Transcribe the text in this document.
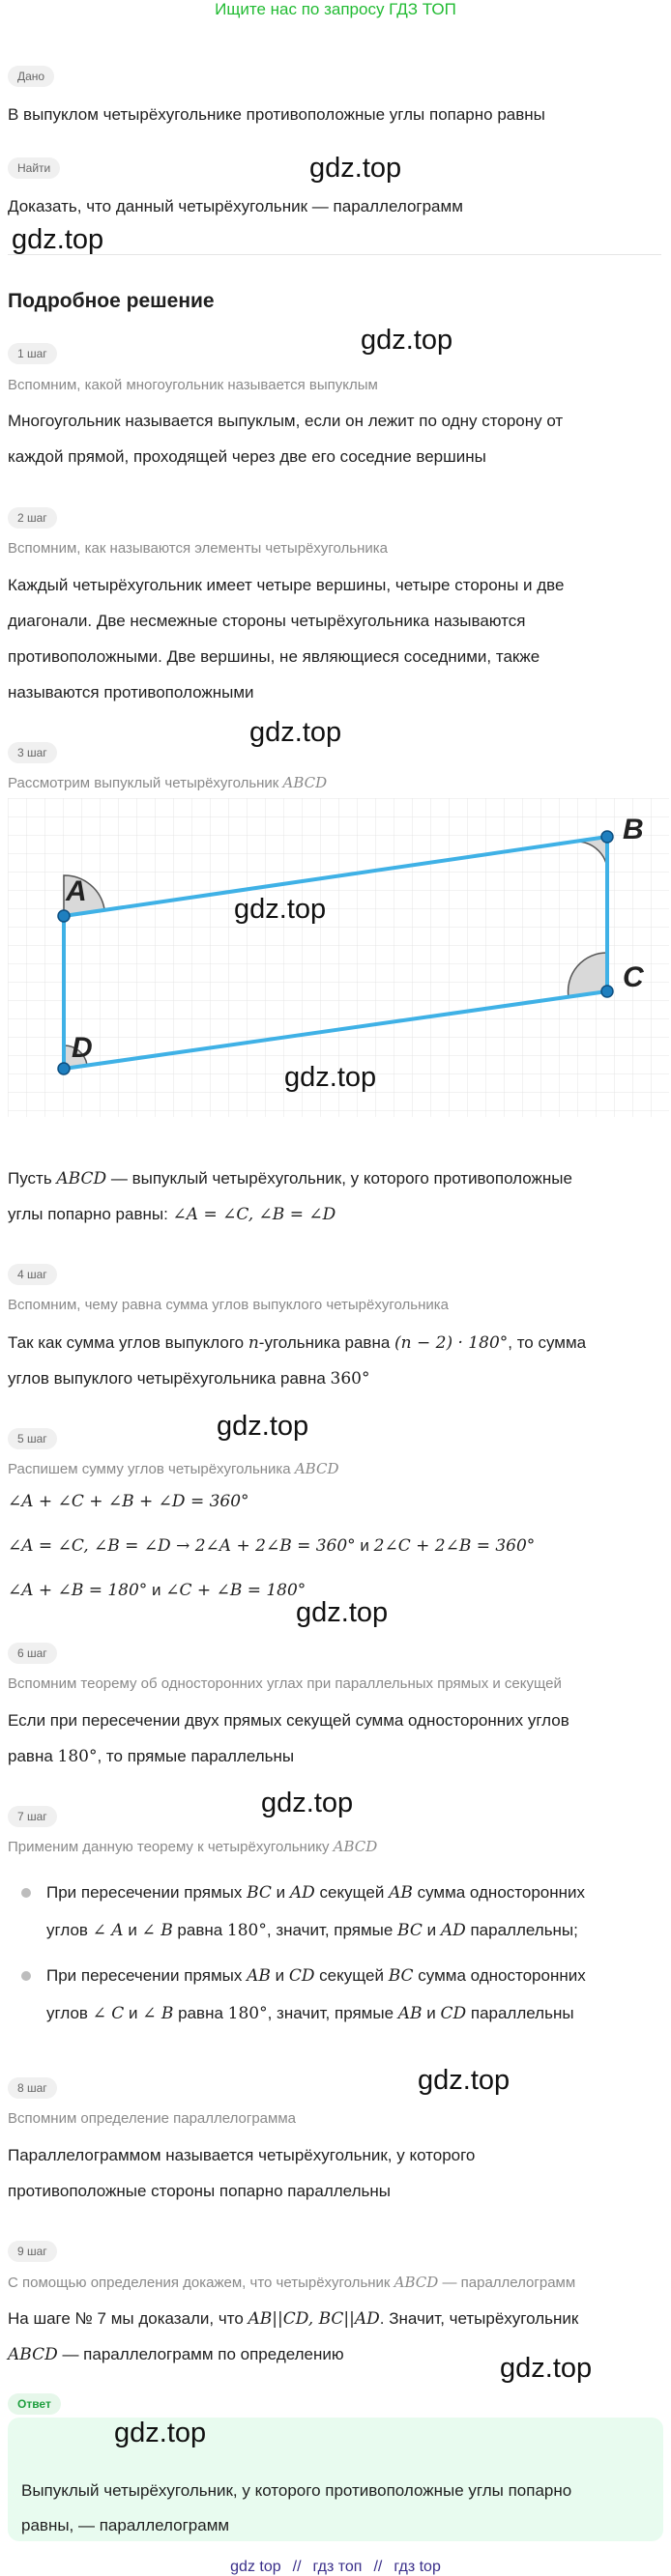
Ищите нас по запросу ГДЗ ТОП
Дано
В выпуклом четырёхугольнике противоположные углы попарно равны
Найти
Доказать, что данный четырёхугольник — параллелограмм
Подробное решение
1 шаг
Вспомним, какой многоугольник называется выпуклым
Многоугольник называется выпуклым, если он лежит по одну сторону от
каждой прямой, проходящей через две его соседние вершины
2 шаг
Вспомним, как называются элементы четырёхугольника
Каждый четырёхугольник имеет четыре вершины, четыре стороны и две
диагонали. Две несмежные стороны четырёхугольника называются
противоположными. Две вершины, не являющиеся соседними, также
называются противоположными
3 шаг
Рассмотрим выпуклый четырёхугольник ABCD
A
B
C
D
Пусть ABCD — выпуклый четырёхугольник, у которого противоположные
углы попарно равны: ∠A = ∠C, ∠B = ∠D
4 шаг
Вспомним, чему равна сумма углов выпуклого четырёхугольника
Так как сумма углов выпуклого n-угольника равна (n − 2) · 180°, то сумма
углов выпуклого четырёхугольника равна 360°
5 шаг
Распишем сумму углов четырёхугольника ABCD
∠A + ∠C + ∠B + ∠D = 360°
∠A = ∠C, ∠B = ∠D → 2∠A + 2∠B = 360° и 2∠C + 2∠B = 360°
∠A + ∠B = 180° и ∠C + ∠B = 180°
6 шаг
Вспомним теорему об односторонних углах при параллельных прямых и секущей
Если при пересечении двух прямых секущей сумма односторонних углов
равна 180°, то прямые параллельны
7 шаг
Применим данную теорему к четырёхугольнику ABCD
При пересечении прямых BC и AD секущей AB сумма односторонних
углов ∠ A и ∠ B равна 180°, значит, прямые BC и AD параллельны;
При пересечении прямых AB и CD секущей BC сумма односторонних
углов ∠ C и ∠ B равна 180°, значит, прямые AB и CD параллельны
8 шаг
Вспомним определение параллелограмма
Параллелограммом называется четырёхугольник, у которого
противоположные стороны попарно параллельны
9 шаг
С помощью определения докажем, что четырёхугольник ABCD — параллелограмм
На шаге № 7 мы доказали, что AB||CD, BC||AD. Значит, четырёхугольник
ABCD — параллелограмм по определению
Ответ
Выпуклый четырёхугольник, у которого противоположные углы попарно
равны, — параллелограмм
gdz.top
gdz.top
gdz.top
gdz.top
gdz.top
gdz.top
gdz.top
gdz.top
gdz.top
gdz.top
gdz.top
gdz.top
gdz top // гдз топ // гдз top
